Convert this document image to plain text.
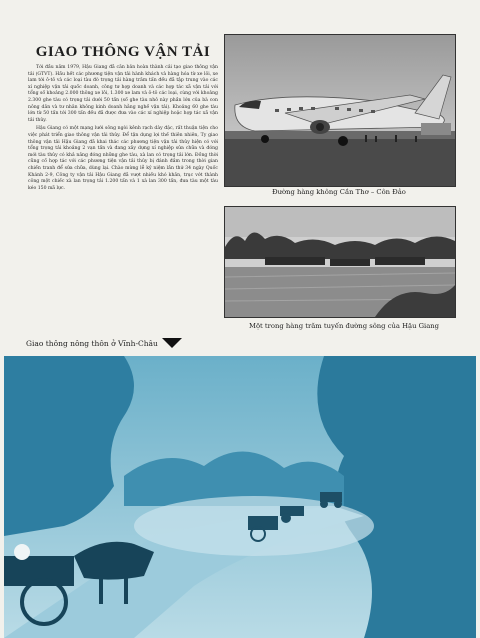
GIAO THÔNG VẬN TẢI

Tới đầu năm 1979, Hậu Giang đã căn bản hoàn thành cải tạo giao thông vận tải (GTVT). Hầu hết các phương tiện vận tải hành khách và hàng hóa từ xe lôi, xe lam tới ô-tô và các loại tàu đò trọng tải hàng trăm tấn đều đã tập trung vào các xí nghiệp vận tải quốc doanh, công tư hợp doanh và các hợp tác xã vận tải với tổng số khoảng 2.000 thông xe lôi, 1.300 xe lam và ô-tô các loại, cùng với khoảng 2.300 ghe tàu có trọng tải dưới 50 tấn (số ghe tàu nhỏ này phần lớn của bà con nông dân và tư nhân không kinh doanh hằng nghề vận tải). Khoảng 60 ghe tàu lớn từ 50 tấn tới 300 tấn đều đã được đưa vào các xí nghiệp hoặc hợp tác xã vận tải thủy.

Hậu Giang có một mạng lưới sông ngòi kênh rạch dày đặc, rất thuận tiện cho việc phát triển giao thông vận tải thủy. Để tận dụng lợi thế thiên nhiên, Ty giao thông vận tải Hậu Giang đã khai thác các phương tiện vận tải thủy hiện có với tổng trọng tải khoảng 2 vạn tấn và đang xây dựng xí nghiệp sửa chữa và đóng mới tàu thủy có khả năng đóng những ghe tàu, xà lan có trọng tải lớn. Đồng thời cũng cố hợp tác với các phương tiện vận tải thủy bị đánh đắm trong thời gian chiến tranh để sửa chữa, dùng lại. Chào mừng lễ kỷ niệm lần thứ 34 ngày Quốc Khánh 2-9, Công ty vận tải Hậu Giang đã vượt nhiều khó khăn, trục vớt thành công một chiếc xà lan trọng tải 1.200 tấn và 1 xà lan 300 tấn, đưa tàu một tàu kéo 150 mã lực.	Đường hàng không Cần Thơ – Côn Đảo
Một trong hàng trăm tuyến đường sông của Hậu Giang
Giao thông nông thôn ở Vĩnh-Châu
